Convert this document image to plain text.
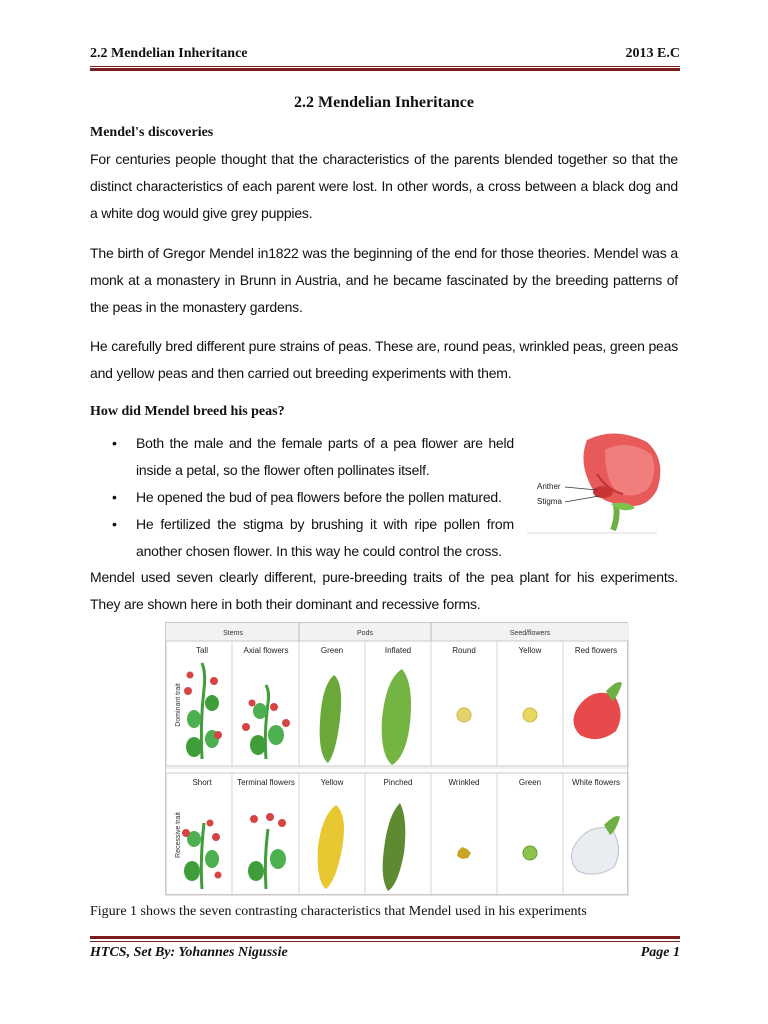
2.2 Mendelian Inheritance	2013 E.C
2.2 Mendelian Inheritance
Mendel's discoveries
For centuries people thought that the characteristics of the parents blended together so that the distinct characteristics of each parent were lost. In other words, a cross between a black dog and a white dog would give grey puppies.
The birth of Gregor Mendel in1822 was the beginning of the end for those theories. Mendel was a monk at a monastery in Brunn in Austria, and he became fascinated by the breeding patterns of the peas in the monastery gardens.
He carefully bred different pure strains of peas. These are, round peas, wrinkled peas, green peas and yellow peas and then carried out breeding experiments with them.
How did Mendel breed his peas?
• Both the male and the female parts of a pea flower are held inside a petal, so the flower often pollinates itself.
• He opened the bud of pea flowers before the pollen matured.
• He fertilized the stigma by brushing it with ripe pollen from another chosen flower. In this way he could control the cross.
Anther
Stigma
Mendel used seven clearly different, pure-breeding traits of the pea plant for his experiments. They are shown here in both their dominant and recessive forms.
Stems	Pods	Seed/flowers
Dominant trait
Recessive trait
Tall	Axial flowers	Green	Inflated	Round	Yellow	Red flowers
Short	Terminal flowers	Yellow	Pinched	Wrinkled	Green	White flowers
Figure 1 shows the seven contrasting characteristics that Mendel used in his experiments
HTCS, Set By: Yohannes Nigussie	Page 1
